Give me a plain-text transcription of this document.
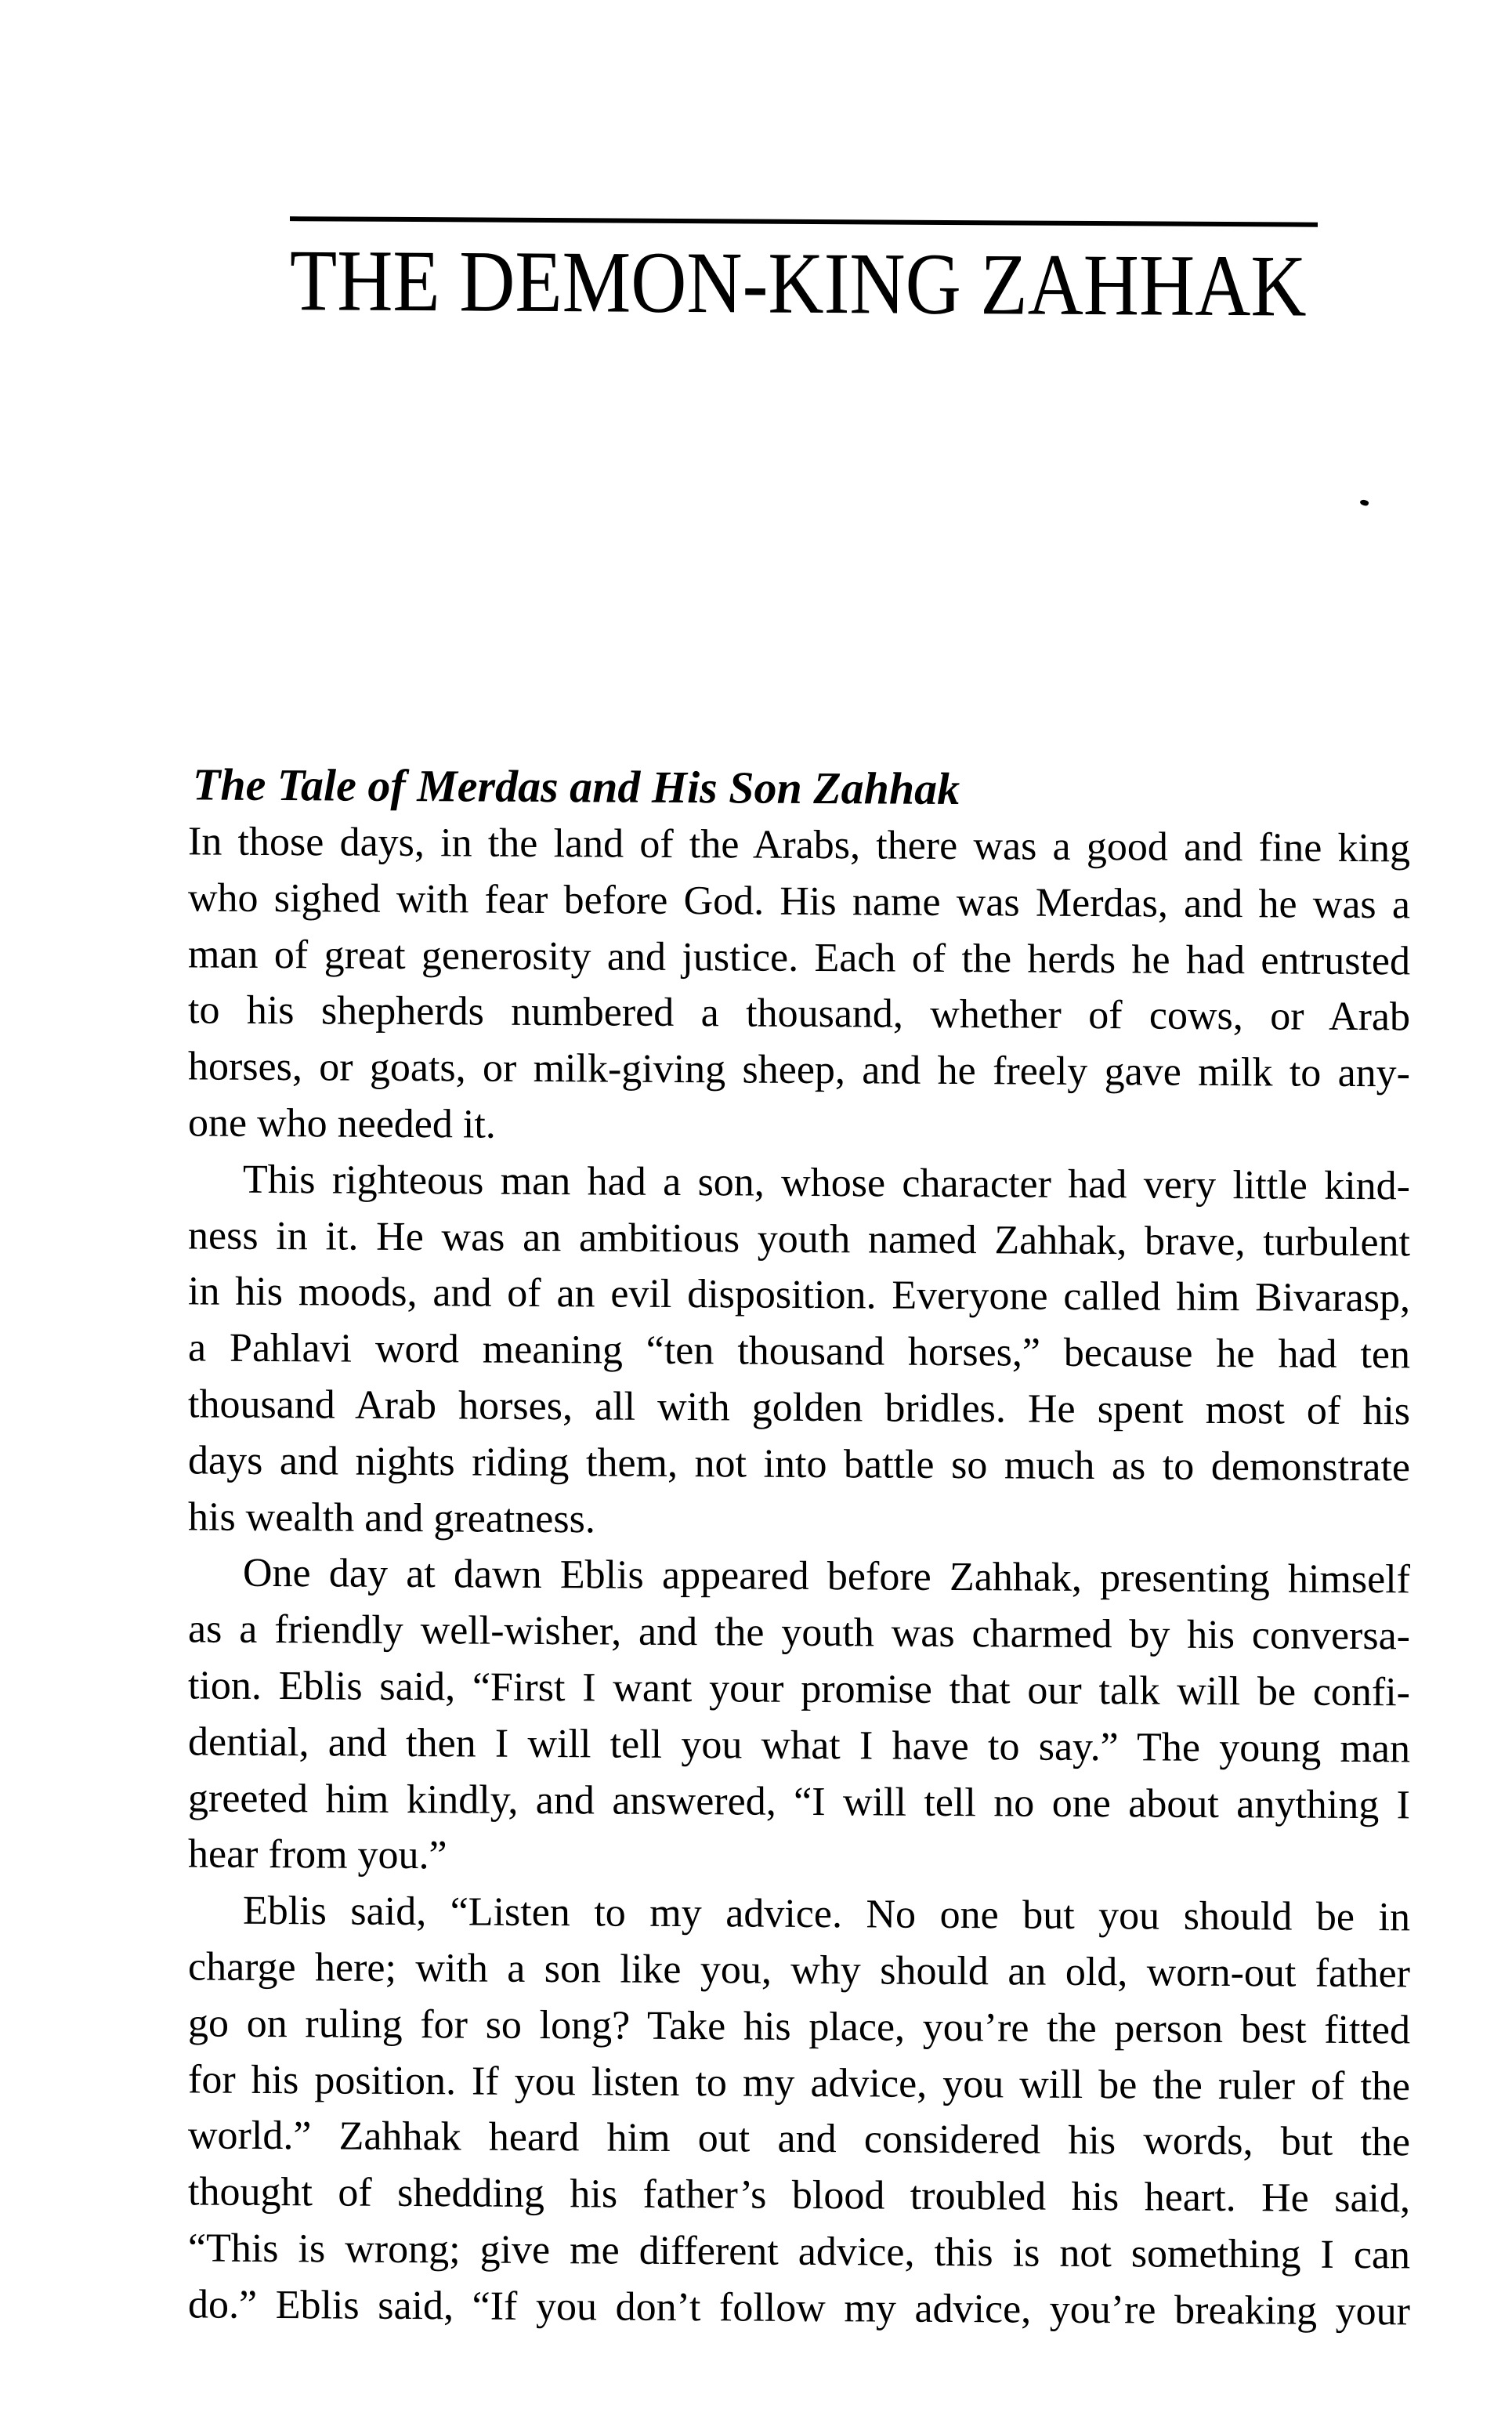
THE DEMON-KING ZAHHAK
The Tale of Merdas and His Son Zahhak
In those days, in the land of the Arabs, there was a good and fine king
who sighed with fear before God. His name was Merdas, and he was a
man of great generosity and justice. Each of the herds he had entrusted
to his shepherds numbered a thousand, whether of cows, or Arab
horses, or goats, or milk-giving sheep, and he freely gave milk to any-
one who needed it.
This righteous man had a son, whose character had very little kind-
ness in it. He was an ambitious youth named Zahhak, brave, turbulent
in his moods, and of an evil disposition. Everyone called him Bivarasp,
a Pahlavi word meaning “ten thousand horses,” because he had ten
thousand Arab horses, all with golden bridles. He spent most of his
days and nights riding them, not into battle so much as to demonstrate
his wealth and greatness.
One day at dawn Eblis appeared before Zahhak, presenting himself
as a friendly well-wisher, and the youth was charmed by his conversa-
tion. Eblis said, “First I want your promise that our talk will be confi-
dential, and then I will tell you what I have to say.” The young man
greeted him kindly, and answered, “I will tell no one about anything I
hear from you.”
Eblis said, “Listen to my advice. No one but you should be in
charge here; with a son like you, why should an old, worn-out father
go on ruling for so long? Take his place, you’re the person best fitted
for his position. If you listen to my advice, you will be the ruler of the
world.” Zahhak heard him out and considered his words, but the
thought of shedding his father’s blood troubled his heart. He said,
“This is wrong; give me different advice, this is not something I can
do.” Eblis said, “If you don’t follow my advice, you’re breaking your
